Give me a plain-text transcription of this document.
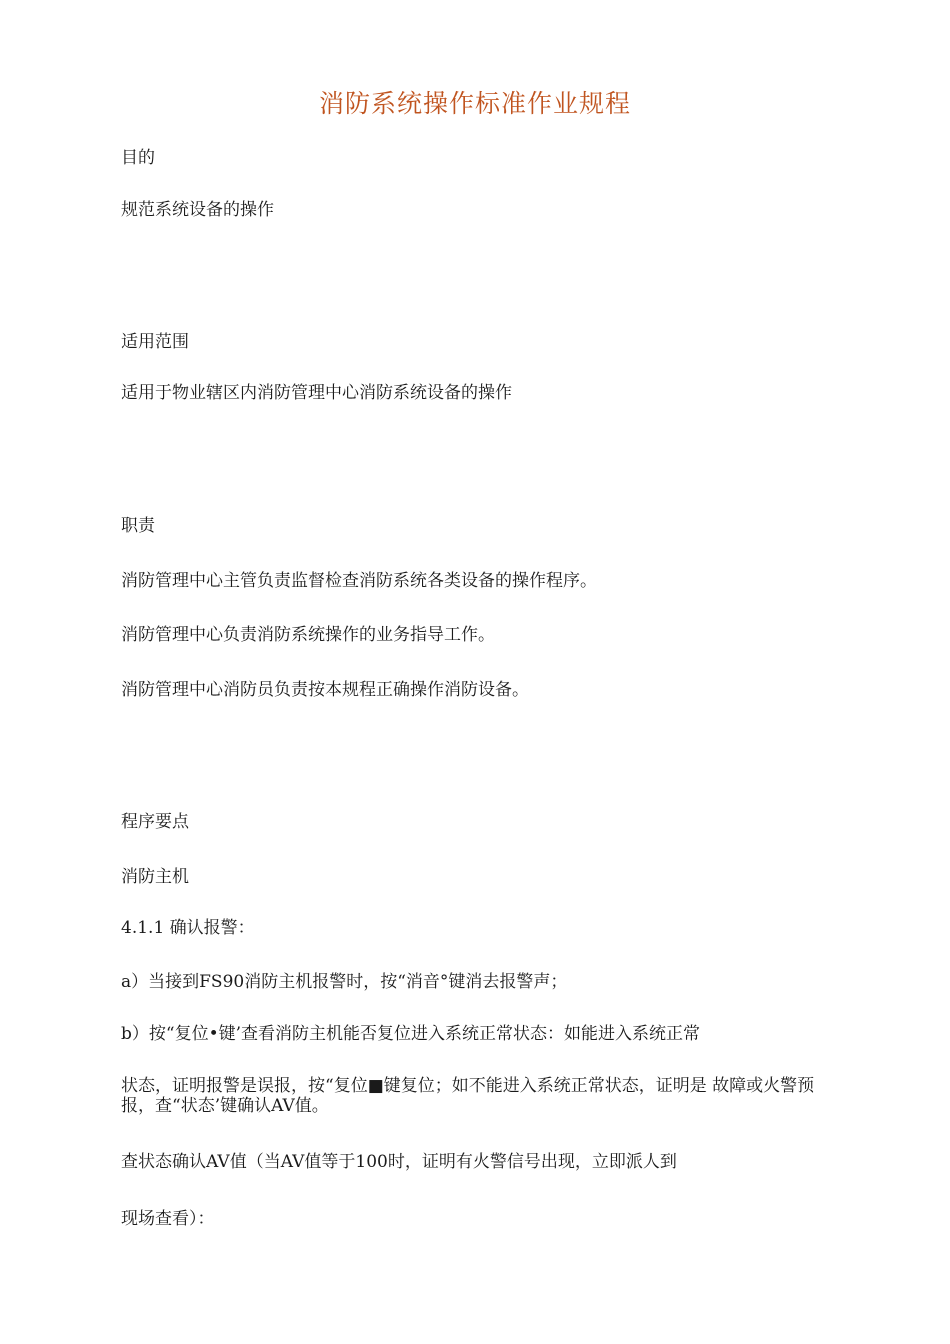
消防系统操作标准作业规程
目的
规范系统设备的操作
适用范围
适用于物业辖区内消防管理中心消防系统设备的操作
职责
消防管理中心主管负责监督检查消防系统各类设备的操作程序。
消防管理中心负责消防系统操作的业务指导工作。
消防管理中心消防员负责按本规程正确操作消防设备。
程序要点
消防主机
4.1.1 确认报警：
a）当接到FS90消防主机报警时，按“消音°键消去报警声；
b）按“复位•键’查看消防主机能否复位进入系统正常状态：如能进入系统正常
状态，证明报警是误报，按“复位■键复位；如不能进入系统正常状态，证明是 故障或火警预报，查“状态’键确认AV值。
查状态确认AV值（当AV值等于100时，证明有火警信号出现，立即派人到
现场查看）：
